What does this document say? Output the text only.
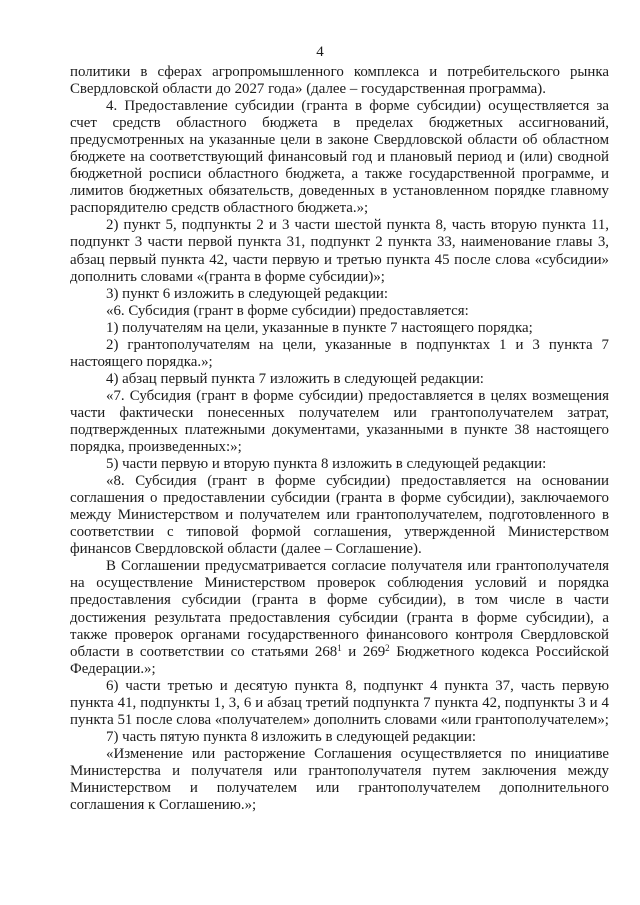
4

политики в сферах агропромышленного комплекса и потребительского рынка Свердловской области до 2027 года» (далее – государственная программа).

4. Предоставление субсидии (гранта в форме субсидии) осуществляется за счет средств областного бюджета в пределах бюджетных ассигнований, предусмотренных на указанные цели в законе Свердловской области об областном бюджете на соответствующий финансовый год и плановый период и (или) сводной бюджетной росписи областного бюджета, а также государственной программе, и лимитов бюджетных обязательств, доведенных в установленном порядке главному распорядителю средств областного бюджета.»;

2) пункт 5, подпункты 2 и 3 части шестой пункта 8, часть вторую пункта 11, подпункт 3 части первой пункта 31, подпункт 2 пункта 33, наименование главы 3, абзац первый пункта 42, части первую и третью пункта 45 после слова «субсидии» дополнить словами «(гранта в форме субсидии)»;

3) пункт 6 изложить в следующей редакции:

«6. Субсидия (грант в форме субсидии) предоставляется:

1) получателям на цели, указанные в пункте 7 настоящего порядка;

2) грантополучателям на цели, указанные в подпунктах 1 и 3 пункта 7 настоящего порядка.»;

4) абзац первый пункта 7 изложить в следующей редакции:

«7. Субсидия (грант в форме субсидии) предоставляется в целях возмещения части фактически понесенных получателем или грантополучателем затрат, подтвержденных платежными документами, указанными в пункте 38 настоящего порядка, произведенных:»;

5) части первую и вторую пункта 8 изложить в следующей редакции:

«8. Субсидия (грант в форме субсидии) предоставляется на основании соглашения о предоставлении субсидии (гранта в форме субсидии), заключаемого между Министерством и получателем или грантополучателем, подготовленного в соответствии с типовой формой соглашения, утвержденной Министерством финансов Свердловской области (далее – Соглашение).

В Соглашении предусматривается согласие получателя или грантополучателя на осуществление Министерством проверок соблюдения условий и порядка предоставления субсидии (гранта в форме субсидии), в том числе в части достижения результата предоставления субсидии (гранта в форме субсидии), а также проверок органами государственного финансового контроля Свердловской области в соответствии со статьями $268^1$ и $269^2$ Бюджетного кодекса Российской Федерации.»;

6) части третью и десятую пункта 8, подпункт 4 пункта 37, часть первую пункта 41, подпункты 1, 3, 6 и абзац третий подпункта 7 пункта 42, подпункты 3 и 4 пункта 51 после слова «получателем» дополнить словами «или грантополучателем»;

7) часть пятую пункта 8 изложить в следующей редакции:

«Изменение или расторжение Соглашения осуществляется по инициативе Министерства и получателя или грантополучателя путем заключения между Министерством и получателем или грантополучателем дополнительного соглашения к Соглашению.»;
